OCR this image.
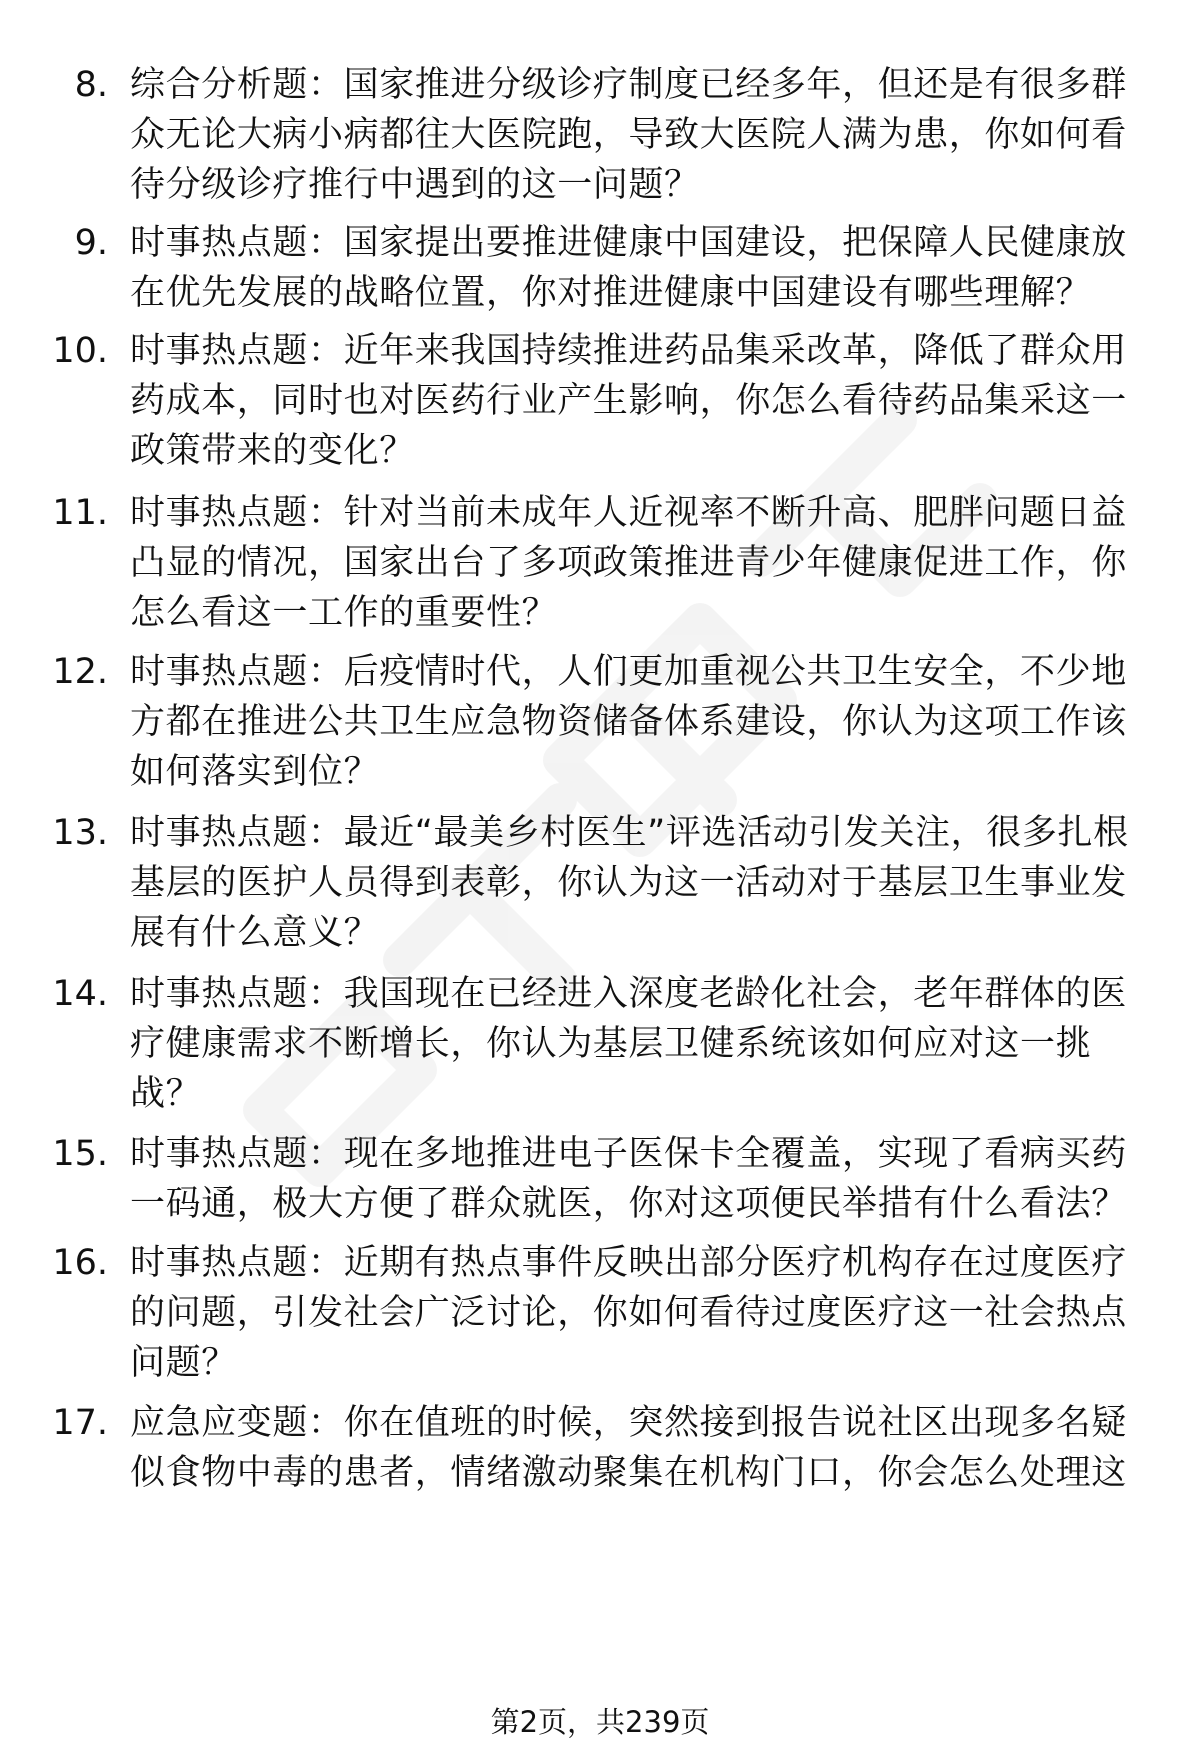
8. 综合分析题：国家推进分级诊疗制度已经多年，但还是有很多群众无论大病小病都往大医院跑，导致大医院人满为患，你如何看待分级诊疗推行中遇到的这一问题？
9. 时事热点题：国家提出要推进健康中国建设，把保障人民健康放在优先发展的战略位置，你对推进健康中国建设有哪些理解？
10. 时事热点题：近年来我国持续推进药品集采改革，降低了群众用药成本，同时也对医药行业产生影响，你怎么看待药品集采这一政策带来的变化？
11. 时事热点题：针对当前未成年人近视率不断升高、肥胖问题日益凸显的情况，国家出台了多项政策推进青少年健康促进工作，你怎么看这一工作的重要性？
12. 时事热点题：后疫情时代，人们更加重视公共卫生安全，不少地方都在推进公共卫生应急物资储备体系建设，你认为这项工作该如何落实到位？
13. 时事热点题：最近“最美乡村医生”评选活动引发关注，很多扎根基层的医护人员得到表彰，你认为这一活动对于基层卫生事业发展有什么意义？
14. 时事热点题：我国现在已经进入深度老龄化社会，老年群体的医疗健康需求不断增长，你认为基层卫健系统该如何应对这一挑战？
15. 时事热点题：现在多地推进电子医保卡全覆盖，实现了看病买药一码通，极大方便了群众就医，你对这项便民举措有什么看法？
16. 时事热点题：近期有热点事件反映出部分医疗机构存在过度医疗的问题，引发社会广泛讨论，你如何看待过度医疗这一社会热点问题？
17. 应急应变题：你在值班的时候，突然接到报告说社区出现多名疑似食物中毒的患者，情绪激动聚集在机构门口，你会怎么处理这
第2页，共239页
